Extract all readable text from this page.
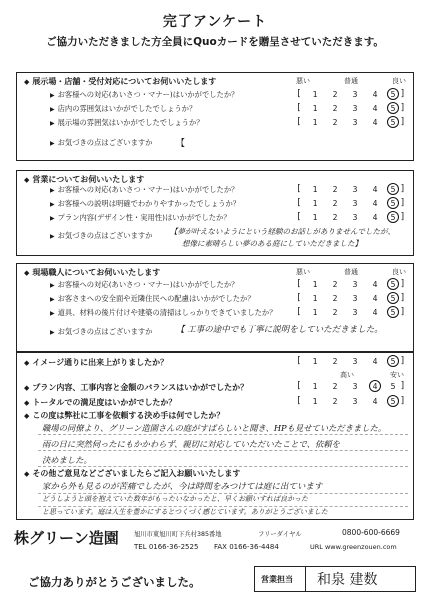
完了アンケート
ご協力いただきました方全員にQuoカードを贈呈させていただきます。
◆ 展示場・店舗・受付対応についてお伺いいたします	悪い	普通	良い
▶ お客様への対応(あいさつ・マナー)はいかがでしたか？	[	1	2	3	4	5 ]
▶ 店内の雰囲気はいかがでしたでしょうか？	[	1	2	3	4	5 ]
▶ 展示場の雰囲気はいかがでしたでしょうか？	[	1	2	3	4	5 ]
▶ お気づきの点はございますか	【
◆ 営業についてお伺いいたします
▶ お客様への対応(あいさつ・マナー)はいかがでしたか？	[	1	2	3	4	5 ]
▶ お客様への説明は明確でわかりやすかったでしょうか？	[	1	2	3	4	5 ]
▶ プラン内容(デザイン性・実用性)はいかがでしたか？	[	1	2	3	4	5 ]
▶ お気づきの点はございますか 【夢が叶えないようにという経験のお話しがありませんでしたが、
想像に素晴らしい夢のある庭にしていただきました】
◆ 現場職人についてお伺いいたします	悪い	普通	良い
▶ お客様への対応(あいさつ・マナー)はいかがでしたか？	[	1	2	3	4	5 ]
▶ お客さまへの安全面や近隣住民への配慮はいかがでしたか？	[	1	2	3	4	5 ]
▶ 道具、材料の後片付けや建築の清掃はしっかりできていましたか？ [	1	2	3	4	5 ]
▶ お気づきの点はございますか	【 工事の途中でも丁寧に説明をしていただきました。
◆ イメージ通りに出来上がりましたか？	[	1	2	3	4	5 ]
高い	安い
◆ プラン内容、工事内容と金額のバランスはいかがでしたか？	[	1	2	3	4	5 ]
◆ トータルでの満足度はいかがでしたか？	[	1	2	3	4	5 ]
◆ この度は弊社に工事を依頼する決め手は何でしたか？
職場の同僚より、グリーン造園さんの庭がすばらしいと聞き、HPも見せていただきました。
雨の日に突然伺ったにもかかわらず、親切に対応していただいたことで、依頼を
決めました。
◆ その他ご意見などございましたらご記入お願いいたします
家から外も見るのが苦痛でしたが、今は時間をみつけては庭に出ています
どうしようと頭を抱えていた数年がもったいなかったと、早くお願いすれば良かった
と思っています。庭は人生を豊かにするとつくづく感じています。ありがとうございました
株グリーン造園 旭川市東旭川町下兵村385番地	フリーダイヤル	0800-600-6669
TEL 0166-36-2525 FAX 0166-36-4484	URL www.greenzouen.com
ご協力ありがとうございました。	営業担当 和泉 建数
